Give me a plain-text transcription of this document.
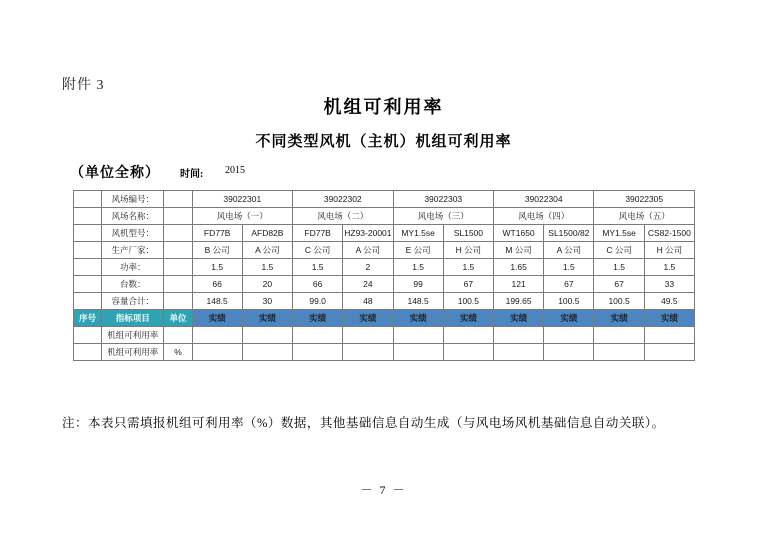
附件 3
机组可利用率
不同类型风机（主机）机组可利用率
（单位全称） 时间: 2015
	风场编号：		39022301		39022302		39022303		39022304		39022305	
	风场名称：		风电场（一）		风电场（二）		风电场（三）		风电场（四）		风电场（五）	
	风机型号：		FD77B	AFD82B	FD77B	HZ93-20001	MY1.5se	SL1500	WT1650	SL1500/82	MY1.5se	CS82-1500
	生产厂家：		B 公司	A 公司	C 公司	A 公司	E 公司	H 公司	M 公司	A 公司	C 公司	H 公司
	功率：		1.5	1.5	1.5	2	1.5	1.5	1.65	1.5	1.5	1.5
	台数：		66	20	66	24	99	67	121	67	67	33
	容量合计：		148.5	30	99.0	48	148.5	100.5	199.65	100.5	100.5	49.5
序号	指标项目	单位	实绩	实绩	实绩	实绩	实绩	实绩	实绩	实绩	实绩	实绩
	机组可利用率											
	机组可利用率	%										
注：本表只需填报机组可利用率（%）数据，其他基础信息自动生成（与风电场风机基础信息自动关联）。
－ 7 －
